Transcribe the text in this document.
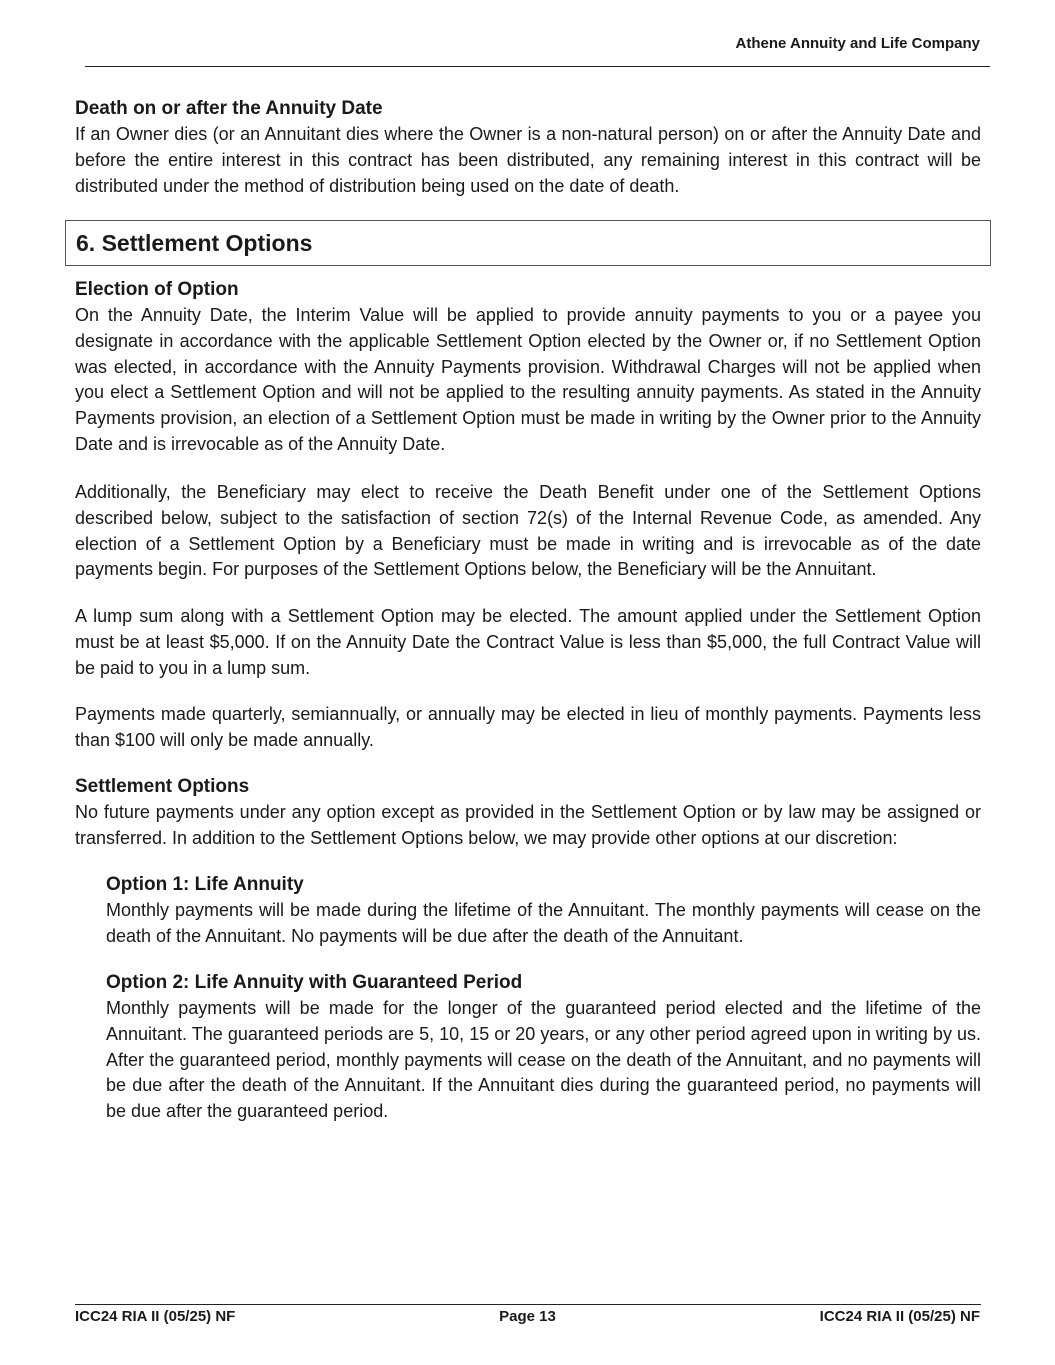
Athene Annuity and Life Company
Death on or after the Annuity Date
If an Owner dies (or an Annuitant dies where the Owner is a non-natural person) on or after the Annuity Date and before the entire interest in this contract has been distributed, any remaining interest in this contract will be distributed under the method of distribution being used on the date of death.
6. Settlement Options
Election of Option
On the Annuity Date, the Interim Value will be applied to provide annuity payments to you or a payee you designate in accordance with the applicable Settlement Option elected by the Owner or, if no Settlement Option was elected, in accordance with the Annuity Payments provision. Withdrawal Charges will not be applied when you elect a Settlement Option and will not be applied to the resulting annuity payments. As stated in the Annuity Payments provision, an election of a Settlement Option must be made in writing by the Owner prior to the Annuity Date and is irrevocable as of the Annuity Date.
Additionally, the Beneficiary may elect to receive the Death Benefit under one of the Settlement Options described below, subject to the satisfaction of section 72(s) of the Internal Revenue Code, as amended. Any election of a Settlement Option by a Beneficiary must be made in writing and is irrevocable as of the date payments begin. For purposes of the Settlement Options below, the Beneficiary will be the Annuitant.
A lump sum along with a Settlement Option may be elected. The amount applied under the Settlement Option must be at least $5,000. If on the Annuity Date the Contract Value is less than $5,000, the full Contract Value will be paid to you in a lump sum.
Payments made quarterly, semiannually, or annually may be elected in lieu of monthly payments. Payments less than $100 will only be made annually.
Settlement Options
No future payments under any option except as provided in the Settlement Option or by law may be assigned or transferred. In addition to the Settlement Options below, we may provide other options at our discretion:
Option 1: Life Annuity
Monthly payments will be made during the lifetime of the Annuitant. The monthly payments will cease on the death of the Annuitant. No payments will be due after the death of the Annuitant.
Option 2: Life Annuity with Guaranteed Period
Monthly payments will be made for the longer of the guaranteed period elected and the lifetime of the Annuitant. The guaranteed periods are 5, 10, 15 or 20 years, or any other period agreed upon in writing by us. After the guaranteed period, monthly payments will cease on the death of the Annuitant, and no payments will be due after the death of the Annuitant. If the Annuitant dies during the guaranteed period, no payments will be due after the guaranteed period.
ICC24 RIA II (05/25) NF	Page 13	ICC24 RIA II (05/25) NF
